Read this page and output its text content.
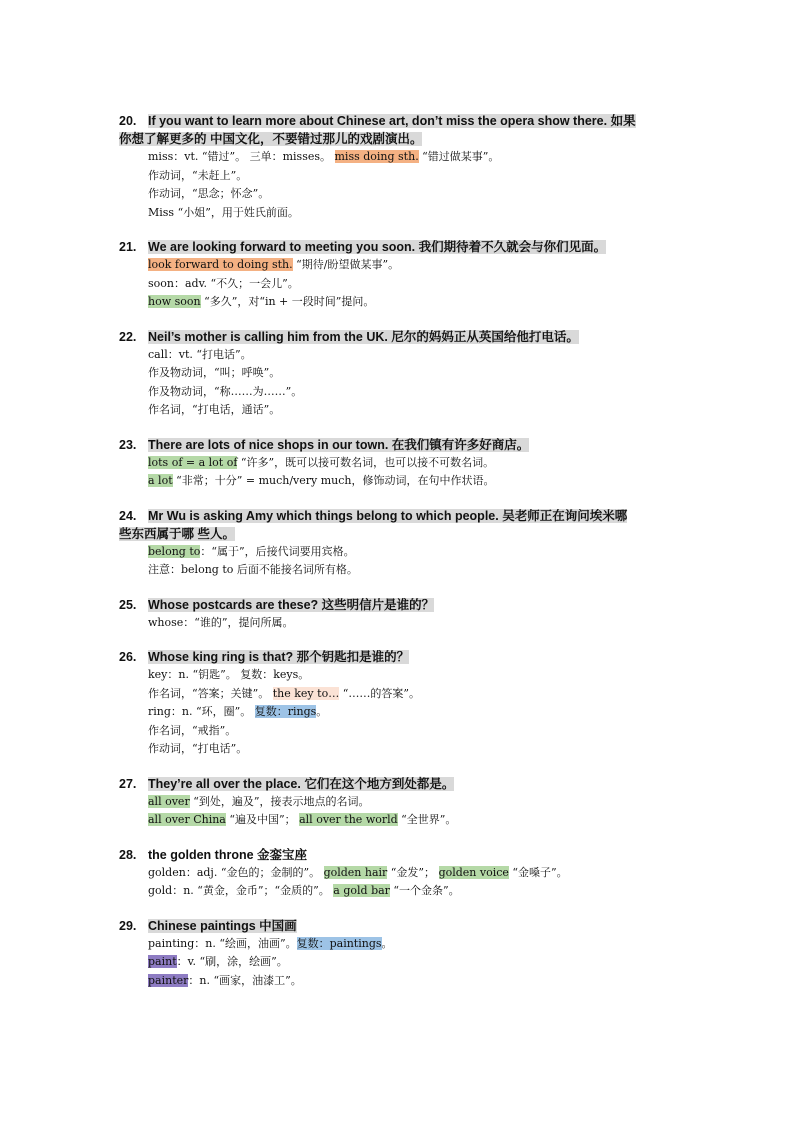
20. If you want to learn more about Chinese art, don’t miss the opera show there. 如果
你想了解更多的 中国文化，不要错过那儿的戏剧演出。
miss：vt. “错过”。 三单：misses。 miss doing sth. “错过做某事”。
作动词，“未赶上”。
作动词，“思念；怀念”。
Miss “小姐”，用于姓氏前面。
21. We are looking forward to meeting you soon. 我们期待着不久就会与你们见面。
look forward to doing sth. “期待/盼望做某事”。
soon：adv. “不久；一会儿”。
how soon “多久”，对“in + 一段时间”提问。
22. Neil’s mother is calling him from the UK. 尼尔的妈妈正从英国给他打电话。
call：vt. “打电话”。
作及物动词，“叫；呼唤”。
作及物动词，“称……为……”。
作名词，“打电话，通话”。
23. There are lots of nice shops in our town. 在我们镇有许多好商店。
lots of = a lot of “许多”，既可以接可数名词，也可以接不可数名词。
a lot “非常；十分” = much/very much，修饰动词，在句中作状语。
24. Mr Wu is asking Amy which things belong to which people. 吴老师正在询问埃米哪
些东西属于哪 些人。
belong to：“属于”，后接代词要用宾格。
注意：belong to 后面不能接名词所有格。
25. Whose postcards are these? 这些明信片是谁的？
whose：“谁的”，提问所属。
26. Whose king ring is that? 那个钥匙扣是谁的？
key：n. “钥匙”。 复数：keys。
作名词，“答案；关键”。 the key to… “……的答案”。
ring：n. “环，圈”。 复数：rings。
作名词，“戒指”。
作动词，“打电话”。
27. They’re all over the place. 它们在这个地方到处都是。
all over “到处，遍及”，接表示地点的名词。
all over China “遍及中国”； all over the world “全世界”。
28. the golden throne 金銮宝座
golden：adj. “金色的；金制的”。 golden hair “金发”； golden voice “金嗓子”。
gold：n. “黄金，金币”；“金质的”。 a gold bar “一个金条”。
29. Chinese paintings 中国画
painting：n. “绘画，油画”。复数：paintings。
paint：v. “刷，涂，绘画”。
painter：n. “画家，油漆工”。
